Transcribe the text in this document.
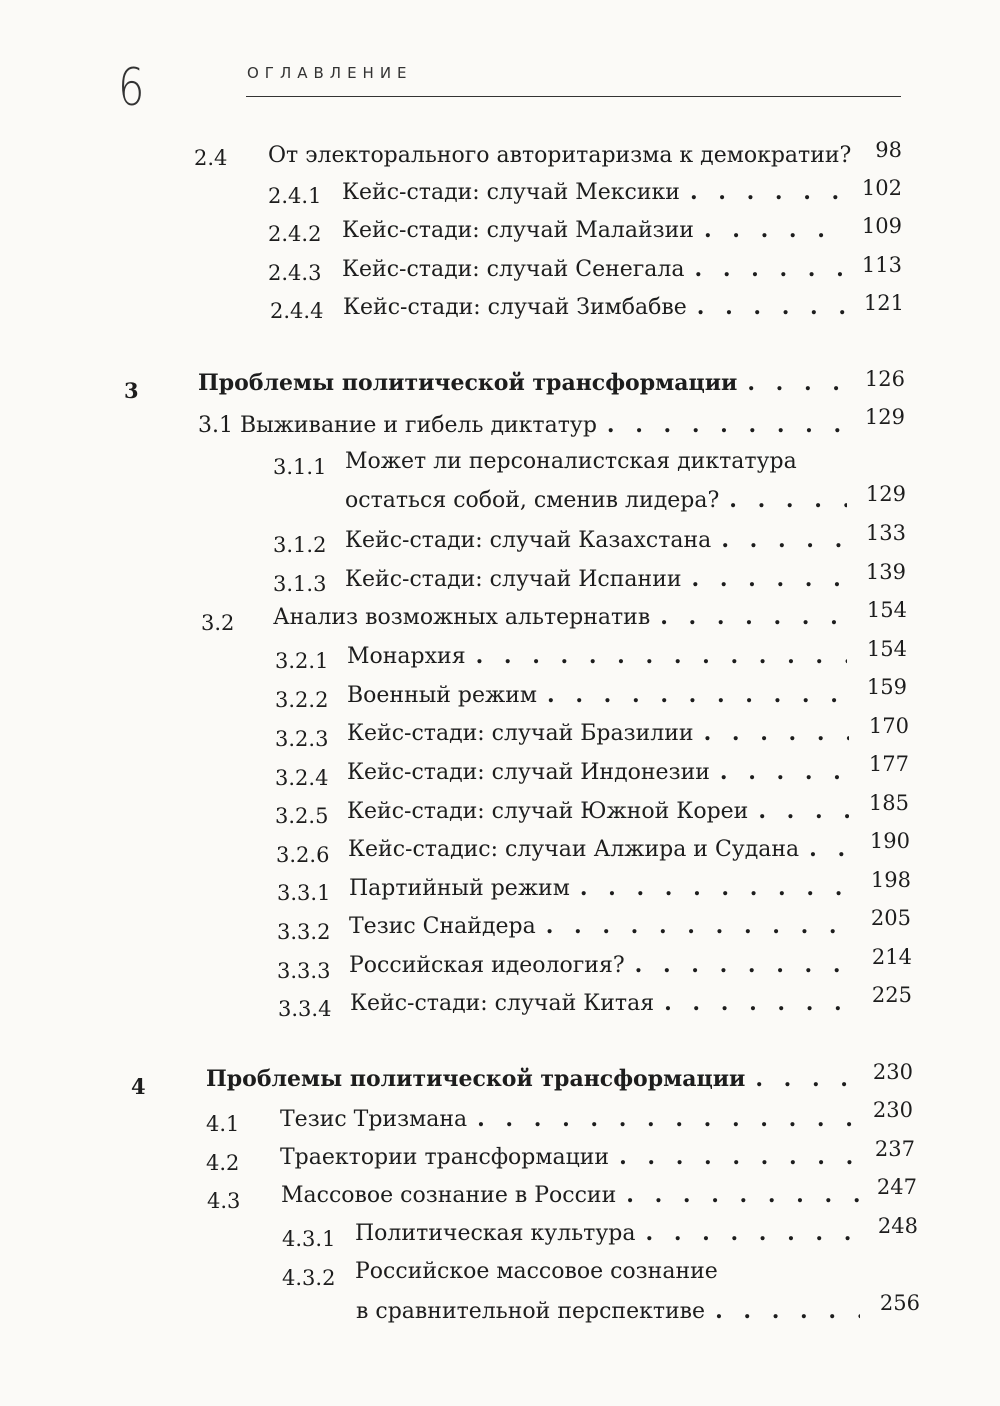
6	ОГЛАВЛЕНИЕ
2.4 От электорального авторитаризма к демократии?	98
2.4.1 Кейс-стади: случай Мексики . . .	102
2.4.2 Кейс-стади: случай Малайзии . . .	109
2.4.3 Кейс-стади: случай Сенегала . . .	113
2.4.4 Кейс-стади: случай Зимбабве . . .	121
3	Проблемы политической трансформации . . .	126
3.1 Выживание и гибель диктатур . . .	129
3.1.1 Может ли персоналистская диктатура
остаться собой, сменив лидера? . . .	129
3.1.2 Кейс-стади: случай Казахстана . . .	133
3.1.3 Кейс-стади: случай Испании . . .	139
3.2 Анализ возможных альтернатив . . .	154
3.2.1 Монархия . . .	154
3.2.2 Военный режим . . .	159
3.2.3 Кейс-стади: случай Бразилии . . .	170
3.2.4 Кейс-стади: случай Индонезии . . .	177
3.2.5 Кейс-стади: случай Южной Кореи . . .	185
3.2.6 Кейс-стадис: случаи Алжира и Судана . . .	190
3.3.1 Партийный режим . . .	198
3.3.2 Тезис Снайдера . . .	205
3.3.3 Российская идеология? . . .	214
3.3.4 Кейс-стади: случай Китая . . .	225
4	Проблемы политической трансформации . . .	230
4.1 Тезис Тризмана . . .	230
4.2 Траектории трансформации . . .	237
4.3 Массовое сознание в России . . .	247
4.3.1 Политическая культура . . .	248
4.3.2 Российское массовое сознание
в сравнительной перспективе . . .	256
